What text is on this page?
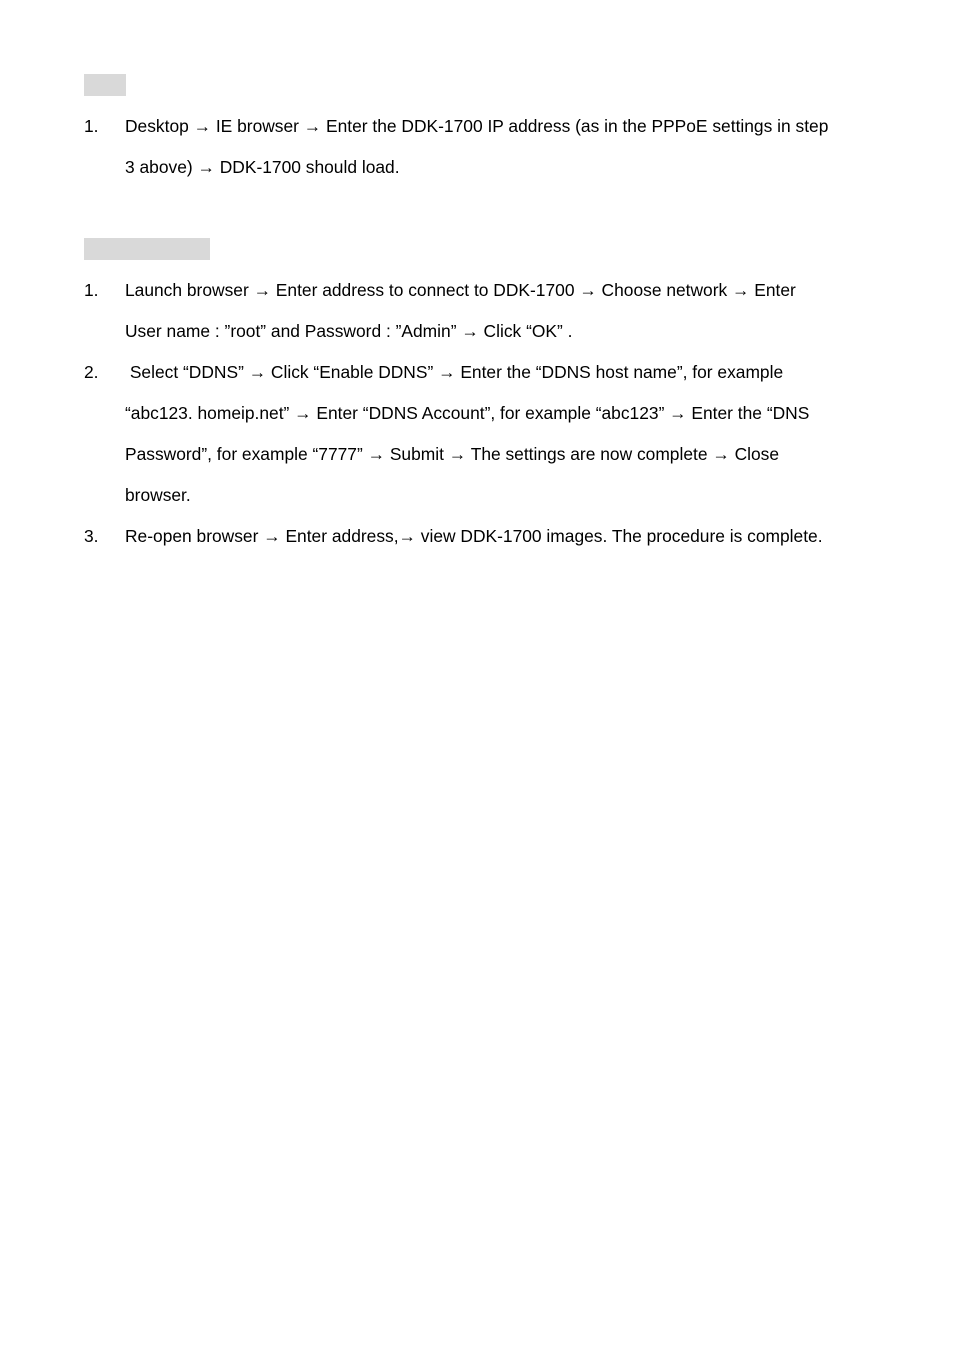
1.	Desktop → IE browser → Enter the DDK-1700 IP address (as in the PPPoE settings in step
3 above) → DDK-1700 should load.
1.	Launch browser → Enter address to connect to DDK-1700 → Choose network → Enter
User name : ”root” and Password : ”Admin” → Click “OK” .
2.	Select “DDNS” → Click “Enable DDNS” → Enter the “DDNS host name”, for example
“abc123. homeip.net” → Enter “DDNS Account”, for example “abc123” → Enter the “DNS
Password”, for example “7777” → Submit → The settings are now complete → Close
browser.
3.	Re-open browser → Enter address,→ view DDK-1700 images. The procedure is complete.
